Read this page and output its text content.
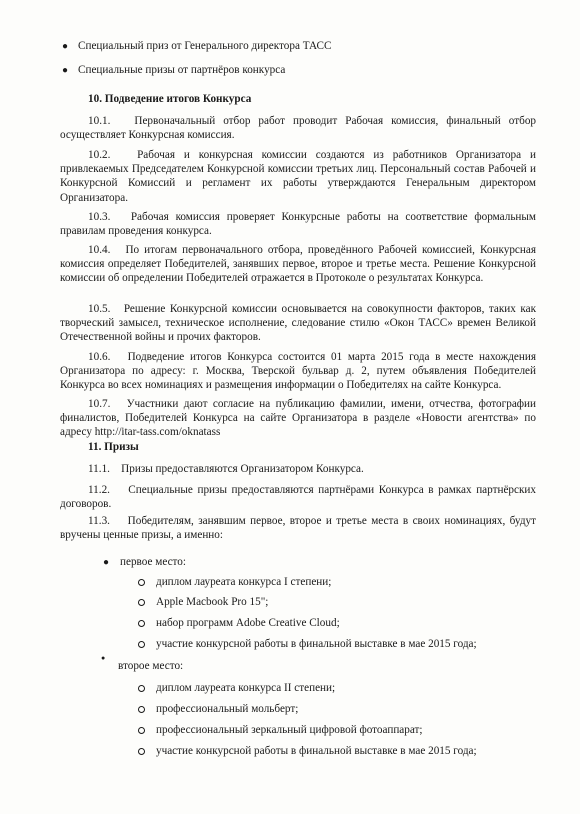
● Специальный приз от Генерального директора ТАСС
● Специальные призы от партнёров конкурса
10. Подведение итогов Конкурса

10.1. Первоначальный отбор работ проводит Рабочая комиссия, финальный отбор осуществляет Конкурсная комиссия.

10.2. Рабочая и конкурсная комиссии создаются из работников Организатора и привлекаемых Председателем Конкурсной комиссии третьих лиц. Персональный состав Рабочей и Конкурсной Комиссий и регламент их работы утверждаются Генеральным директором Организатора.

10.3. Рабочая комиссия проверяет Конкурсные работы на соответствие формальным правилам проведения конкурса.

10.4. По итогам первоначального отбора, проведённого Рабочей комиссией, Конкурсная комиссия определяет Победителей, занявших первое, второе и третье места. Решение Конкурсной комиссии об определении Победителей отражается в Протоколе о результатах Конкурса.

10.5. Решение Конкурсной комиссии основывается на совокупности факторов, таких как творческий замысел, техническое исполнение, следование стилю «Окон ТАСС» времен Великой Отечественной войны и прочих факторов.

10.6. Подведение итогов Конкурса состоится 01 марта 2015 года в месте нахождения Организатора по адресу: г. Москва, Тверской бульвар д. 2, путем объявления Победителей Конкурса во всех номинациях и размещения информации о Победителях на сайте Конкурса.

10.7. Участники дают согласие на публикацию фамилии, имени, отчества, фотографии финалистов, Победителей Конкурса на сайте Организатора в разделе «Новости агентства» по адресу http://itar-tass.com/oknatass

11. Призы

11.1. Призы предоставляются Организатором Конкурса.

11.2. Специальные призы предоставляются партнёрами Конкурса в рамках партнёрских договоров.

11.3. Победителям, занявшим первое, второе и третье места в своих номинациях, будут вручены ценные призы, а именно:

● первое место:
диплом лауреата конкурса I степени;
Apple Macbook Pro 15";
набор программ Adobe Creative Cloud;
участие конкурсной работы в финальной выставке в мае 2015 года;
●
второе место:
диплом лауреата конкурса II степени;
профессиональный мольберт;
профессиональный зеркальный цифровой фотоаппарат;
участие конкурсной работы в финальной выставке в мае 2015 года;
